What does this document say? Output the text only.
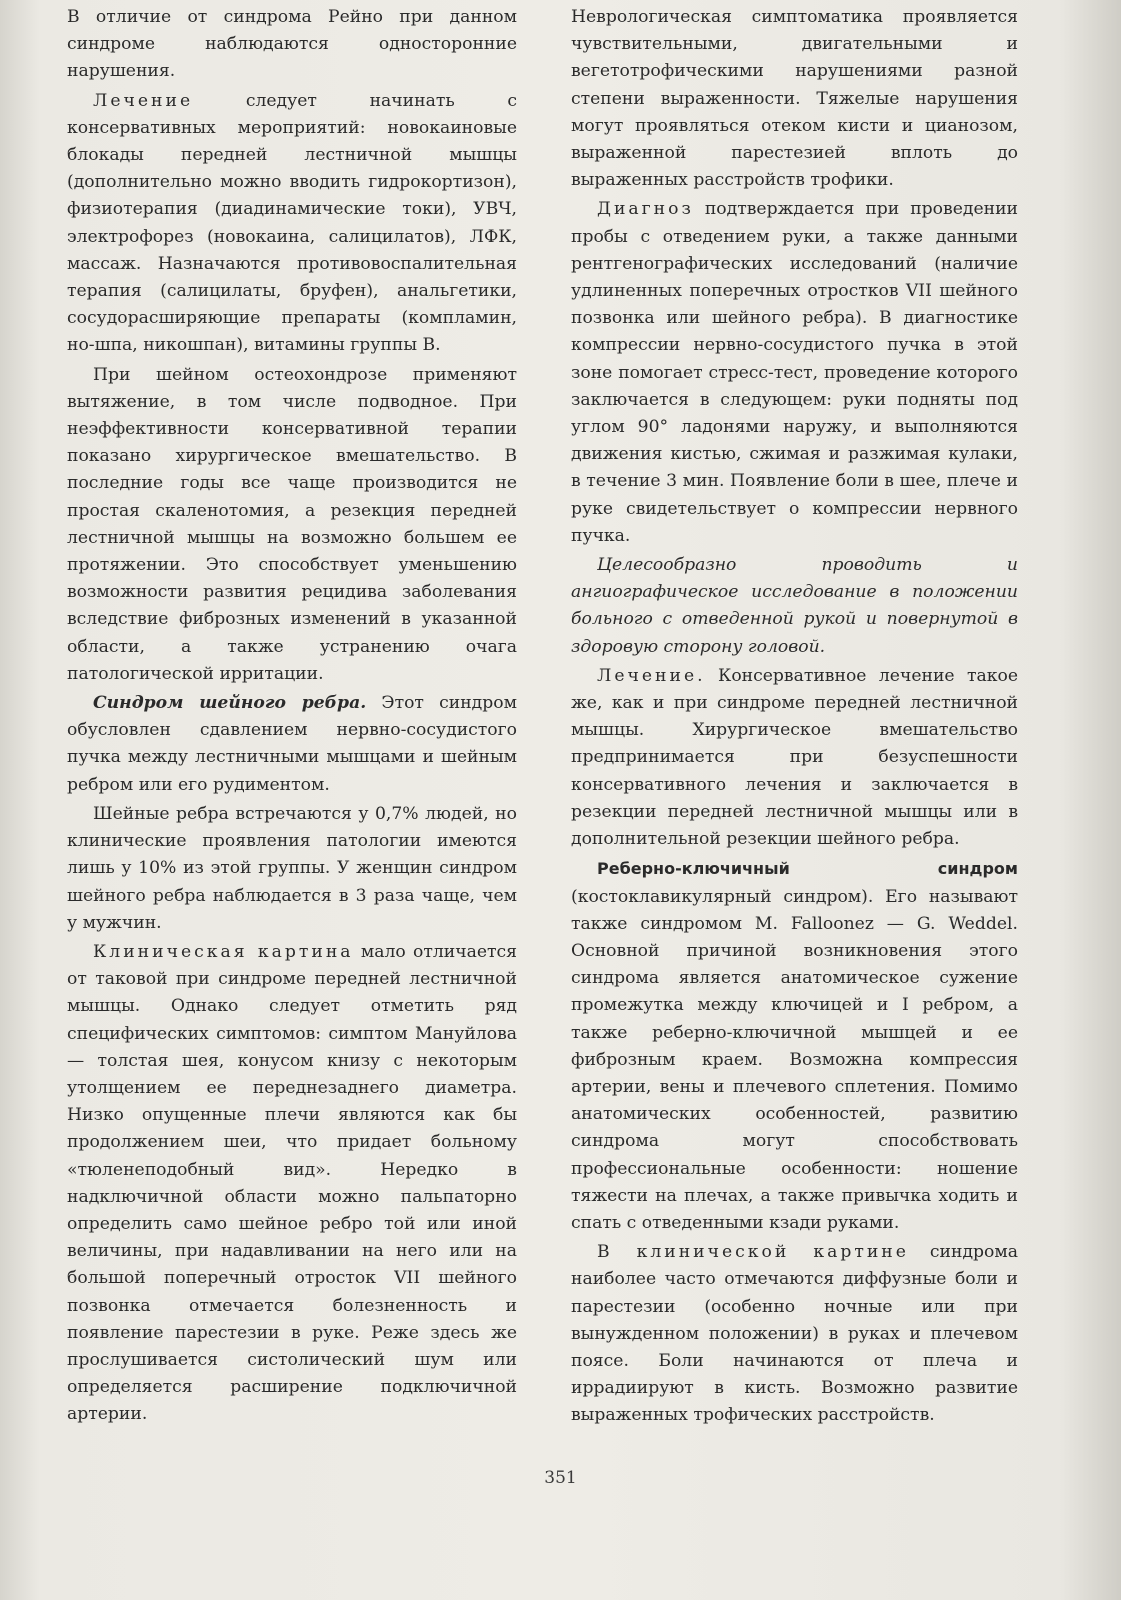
В отличие от синдрома Рейно при данном синдроме наблюдаются односторонние нарушения.

Лечение следует начинать с консервативных мероприятий: новокаиновые блокады передней лестничной мышцы (дополнительно можно вводить гидрокортизон), физиотерапия (диадинамические токи), УВЧ, электрофорез (новокаина, салицилатов), ЛФК, массаж. Назначаются противовоспалительная терапия (салицилаты, бруфен), анальгетики, сосудорасширяющие препараты (компламин, но-шпа, никошпан), витамины группы В.

При шейном остеохондрозе применяют вытяжение, в том числе подводное. При неэффективности консервативной терапии показано хирургическое вмешательство. В последние годы все чаще производится не простая скаленотомия, а резекция передней лестничной мышцы на возможно большем ее протяжении. Это способствует уменьшению возможности развития рецидива заболевания вследствие фиброзных изменений в указанной области, а также устранению очага патологической ирритации.

Синдром шейного ребра. Этот синдром обусловлен сдавлением нервно-сосудистого пучка между лестничными мышцами и шейным ребром или его рудиментом.

Шейные ребра встречаются у 0,7% людей, но клинические проявления патологии имеются лишь у 10% из этой группы. У женщин синдром шейного ребра наблюдается в 3 раза чаще, чем у мужчин.

Клиническая картина мало отличается от таковой при синдроме передней лестничной мышцы. Однако следует отметить ряд специфических симптомов: симптом Мануйлова — толстая шея, конусом книзу с некоторым утолщением ее переднезаднего диаметра. Низко опущенные плечи являются как бы продолжением шеи, что придает больному «тюленеподобный вид». Нередко в надключичной области можно пальпаторно определить само шейное ребро той или иной величины, при надавливании на него или на большой поперечный отросток VII шейного позвонка отмечается болезненность и появление парестезии в руке. Реже здесь же прослушивается систолический шум или определяется расширение подключичной артерии.

Неврологическая симптоматика проявляется чувствительными, двигательными и вегетотрофическими нарушениями разной степени выраженности. Тяжелые нарушения могут проявляться отеком кисти и цианозом, выраженной парестезией вплоть до выраженных расстройств трофики.

Диагноз подтверждается при проведении пробы с отведением руки, а также данными рентгенографических исследований (наличие удлиненных поперечных отростков VII шейного позвонка или шейного ребра). В диагностике компрессии нервно-сосудистого пучка в этой зоне помогает стресс-тест, проведение которого заключается в следующем: руки подняты под углом 90° ладонями наружу, и выполняются движения кистью, сжимая и разжимая кулаки, в течение 3 мин. Появление боли в шее, плече и руке свидетельствует о компрессии нервного пучка.

Целесообразно проводить и ангиографическое исследование в положении больного с отведенной рукой и повернутой в здоровую сторону головой.

Лечение. Консервативное лечение такое же, как и при синдроме передней лестничной мышцы. Хирургическое вмешательство предпринимается при безуспешности консервативного лечения и заключается в резекции передней лестничной мышцы или в дополнительной резекции шейного ребра.

Реберно-ключичный синдром (костоклавикулярный синдром). Его называют также синдромом M. Falloonez — G. Weddel. Основной причиной возникновения этого синдрома является анатомическое сужение промежутка между ключицей и I ребром, а также реберно-ключичной мышцей и ее фиброзным краем. Возможна компрессия артерии, вены и плечевого сплетения. Помимо анатомических особенностей, развитию синдрома могут способствовать профессиональные особенности: ношение тяжести на плечах, а также привычка ходить и спать с отведенными кзади руками.

В клинической картине синдрома наиболее часто отмечаются диффузные боли и парестезии (особенно ночные или при вынужденном положении) в руках и плечевом поясе. Боли начинаются от плеча и иррадиируют в кисть. Возможно развитие выраженных трофических расстройств.

351
